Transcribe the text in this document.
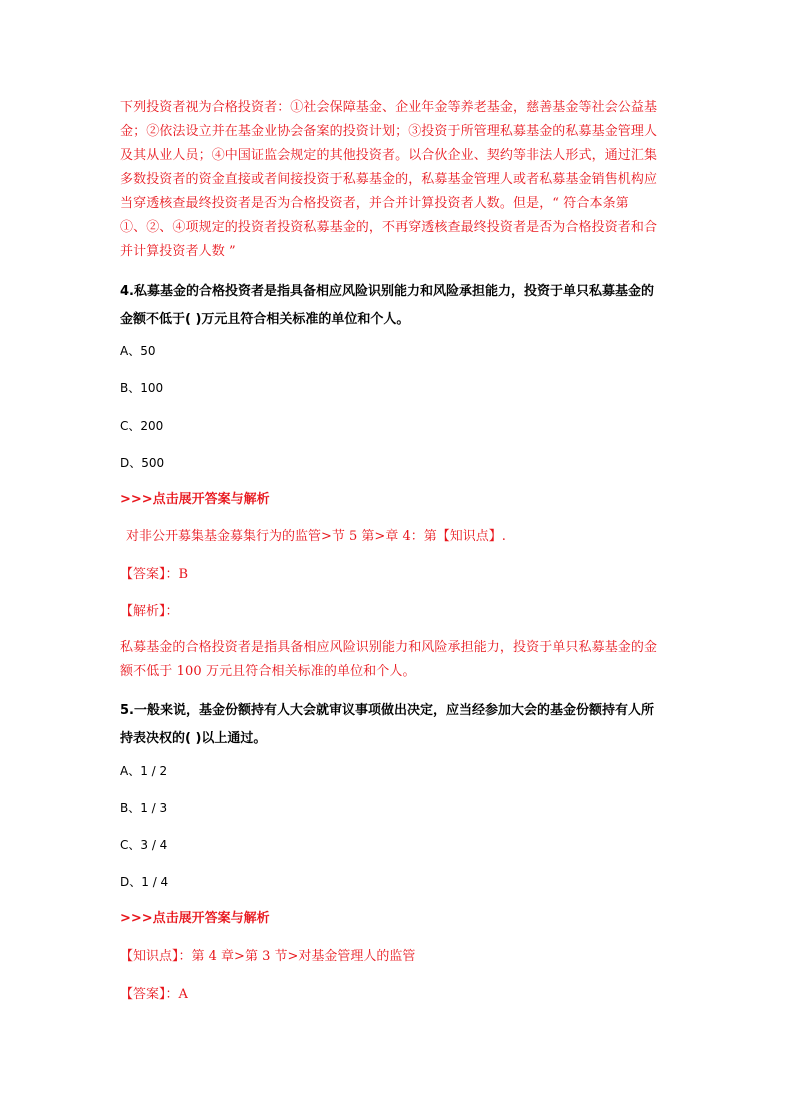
下列投资者视为合格投资者：①社会保障基金、企业年金等养老基金，慈善基金等社会公益基

金；②依法设立并在基金业协会备案的投资计划；③投资于所管理私募基金的私募基金管理人

及其从业人员；④中国证监会规定的其他投资者。以合伙企业、契约等非法人形式，通过汇集

多数投资者的资金直接或者间接投资于私募基金的，私募基金管理人或者私募基金销售机构应

当穿透核查最终投资者是否为合格投资者，并合并计算投资者人数。但是，“ 符合本条第

①、②、④项规定的投资者投资私募基金的，不再穿透核查最终投资者是否为合格投资者和合

并计算投资者人数 ”

4.私募基金的合格投资者是指具备相应风险识别能力和风险承担能力，投资于单只私募基金的

金额不低于( )万元且符合相关标准的单位和个人。

A、50

B、100

C、200

D、500

>>>点击展开答案与解析
对非公开募集基金募集行为的监管>节 5 第>章 4：第【知识点】.
【答案】：B
【解析】：

私募基金的合格投资者是指具备相应风险识别能力和风险承担能力，投资于单只私募基金的金

额不低于 100 万元且符合相关标准的单位和个人。

5.一般来说，基金份额持有人大会就审议事项做出决定，应当经参加大会的基金份额持有人所

持表决权的( )以上通过。

A、1 / 2

B、1 / 3

C、3 / 4

D、1 / 4

>>>点击展开答案与解析
【知识点】：第 4 章>第 3 节>对基金管理人的监管
【答案】：A
